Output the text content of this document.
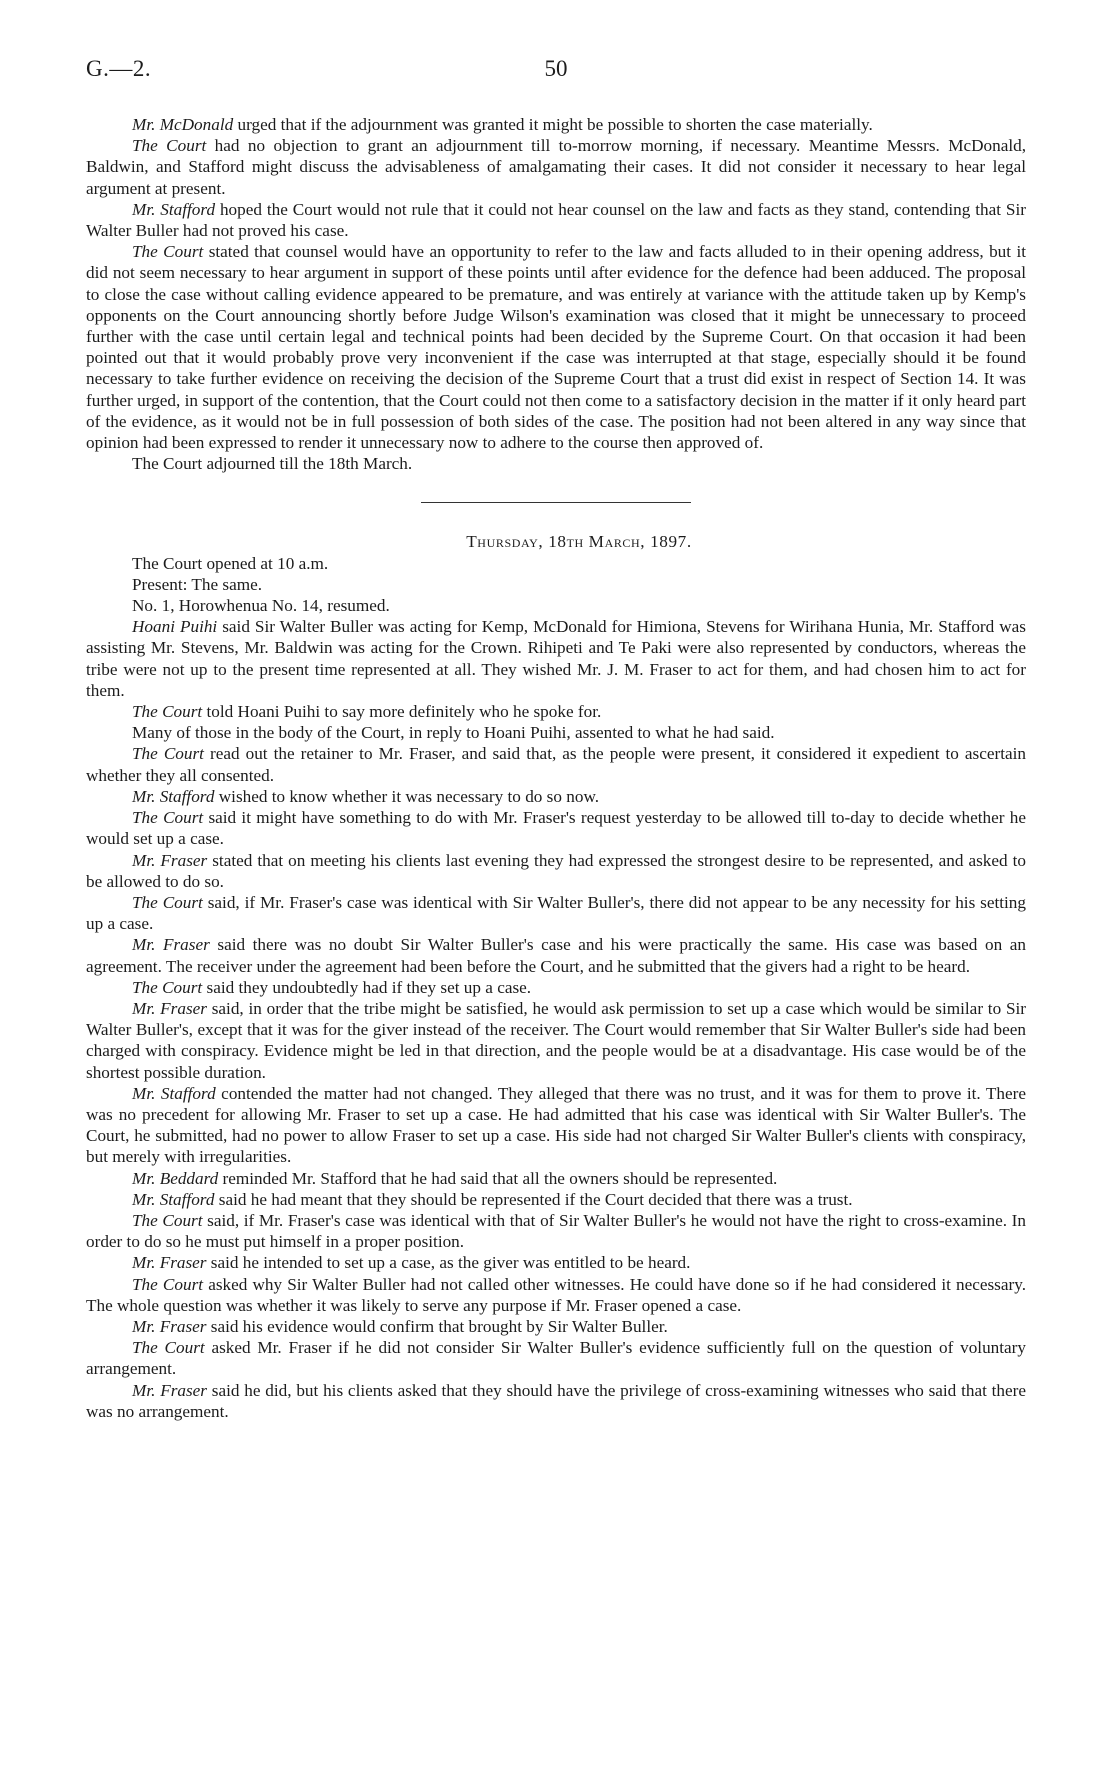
G.—2.	50

Mr. McDonald urged that if the adjournment was granted it might be possible to shorten the case materially.

The Court had no objection to grant an adjournment till to-morrow morning, if necessary. Meantime Messrs. McDonald, Baldwin, and Stafford might discuss the advisableness of amalgamating their cases. It did not consider it necessary to hear legal argument at present.

Mr. Stafford hoped the Court would not rule that it could not hear counsel on the law and facts as they stand, contending that Sir Walter Buller had not proved his case.

The Court stated that counsel would have an opportunity to refer to the law and facts alluded to in their opening address, but it did not seem necessary to hear argument in support of these points until after evidence for the defence had been adduced. The proposal to close the case without calling evidence appeared to be premature, and was entirely at variance with the attitude taken up by Kemp's opponents on the Court announcing shortly before Judge Wilson's examination was closed that it might be unnecessary to proceed further with the case until certain legal and technical points had been decided by the Supreme Court. On that occasion it had been pointed out that it would probably prove very inconvenient if the case was interrupted at that stage, especially should it be found necessary to take further evidence on receiving the decision of the Supreme Court that a trust did exist in respect of Section 14. It was further urged, in support of the contention, that the Court could not then come to a satisfactory decision in the matter if it only heard part of the evidence, as it would not be in full possession of both sides of the case. The position had not been altered in any way since that opinion had been expressed to render it unnecessary now to adhere to the course then approved of.

The Court adjourned till the 18th March.

Thursday, 18th March, 1897.

The Court opened at 10 a.m.

Present: The same.

No. 1, Horowhenua No. 14, resumed.

Hoani Puihi said Sir Walter Buller was acting for Kemp, McDonald for Himiona, Stevens for Wirihana Hunia, Mr. Stafford was assisting Mr. Stevens, Mr. Baldwin was acting for the Crown. Rihipeti and Te Paki were also represented by conductors, whereas the tribe were not up to the present time represented at all. They wished Mr. J. M. Fraser to act for them, and had chosen him to act for them.

The Court told Hoani Puihi to say more definitely who he spoke for.

Many of those in the body of the Court, in reply to Hoani Puihi, assented to what he had said.

The Court read out the retainer to Mr. Fraser, and said that, as the people were present, it considered it expedient to ascertain whether they all consented.

Mr. Stafford wished to know whether it was necessary to do so now.

The Court said it might have something to do with Mr. Fraser's request yesterday to be allowed till to-day to decide whether he would set up a case.

Mr. Fraser stated that on meeting his clients last evening they had expressed the strongest desire to be represented, and asked to be allowed to do so.

The Court said, if Mr. Fraser's case was identical with Sir Walter Buller's, there did not appear to be any necessity for his setting up a case.

Mr. Fraser said there was no doubt Sir Walter Buller's case and his were practically the same. His case was based on an agreement. The receiver under the agreement had been before the Court, and he submitted that the givers had a right to be heard.

The Court said they undoubtedly had if they set up a case.

Mr. Fraser said, in order that the tribe might be satisfied, he would ask permission to set up a case which would be similar to Sir Walter Buller's, except that it was for the giver instead of the receiver. The Court would remember that Sir Walter Buller's side had been charged with conspiracy. Evidence might be led in that direction, and the people would be at a disadvantage. His case would be of the shortest possible duration.

Mr. Stafford contended the matter had not changed. They alleged that there was no trust, and it was for them to prove it. There was no precedent for allowing Mr. Fraser to set up a case. He had admitted that his case was identical with Sir Walter Buller's. The Court, he submitted, had no power to allow Fraser to set up a case. His side had not charged Sir Walter Buller's clients with conspiracy, but merely with irregularities.

Mr. Beddard reminded Mr. Stafford that he had said that all the owners should be represented.

Mr. Stafford said he had meant that they should be represented if the Court decided that there was a trust.

The Court said, if Mr. Fraser's case was identical with that of Sir Walter Buller's he would not have the right to cross-examine. In order to do so he must put himself in a proper position.

Mr. Fraser said he intended to set up a case, as the giver was entitled to be heard.

The Court asked why Sir Walter Buller had not called other witnesses. He could have done so if he had considered it necessary. The whole question was whether it was likely to serve any purpose if Mr. Fraser opened a case.

Mr. Fraser said his evidence would confirm that brought by Sir Walter Buller.

The Court asked Mr. Fraser if he did not consider Sir Walter Buller's evidence sufficiently full on the question of voluntary arrangement.

Mr. Fraser said he did, but his clients asked that they should have the privilege of cross-examining witnesses who said that there was no arrangement.
